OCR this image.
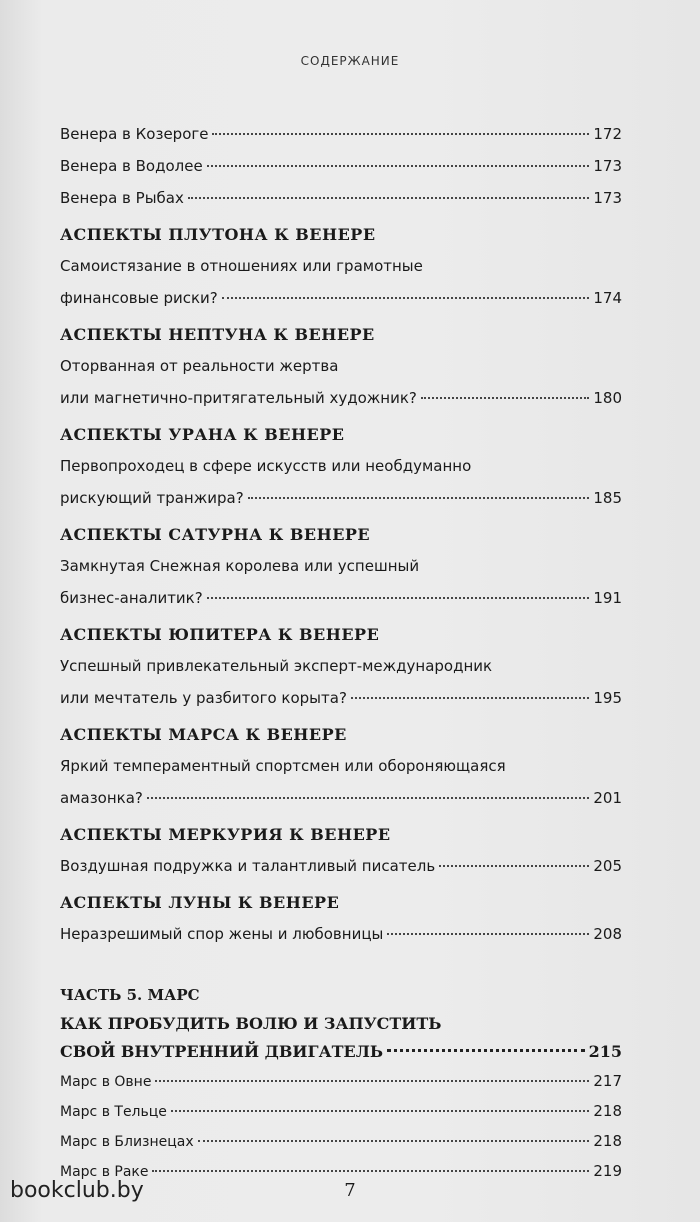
СОДЕРЖАНИЕ
Венера в Козероге	172
Венера в Водолее	173
Венера в Рыбах	173
АСПЕКТЫ ПЛУТОНА К ВЕНЕРЕ
Самоистязание в отношениях или грамотные
финансовые риски?	174
АСПЕКТЫ НЕПТУНА К ВЕНЕРЕ
Оторванная от реальности жертва
или магнетично-притягательный художник?	180
АСПЕКТЫ УРАНА К ВЕНЕРЕ
Первопроходец в сфере искусств или необдуманно
рискующий транжира?	185
АСПЕКТЫ САТУРНА К ВЕНЕРЕ
Замкнутая Снежная королева или успешный
бизнес-аналитик?	191
АСПЕКТЫ ЮПИТЕРА К ВЕНЕРЕ
Успешный привлекательный эксперт-международник
или мечтатель у разбитого корыта?	195
АСПЕКТЫ МАРСА К ВЕНЕРЕ
Яркий темпераментный спортсмен или обороняющаяся
амазонка?	201
АСПЕКТЫ МЕРКУРИЯ К ВЕНЕРЕ
Воздушная подружка и талантливый писатель	205
АСПЕКТЫ ЛУНЫ К ВЕНЕРЕ
Неразрешимый спор жены и любовницы	208
ЧАСТЬ 5. МАРС
КАК ПРОБУДИТЬ ВОЛЮ И ЗАПУСТИТЬ
СВОЙ ВНУТРЕННИЙ ДВИГАТЕЛЬ	215
Марс в Овне	217
Марс в Тельце	218
Марс в Близнецах	218
Марс в Раке	219
7
bookclub.by
